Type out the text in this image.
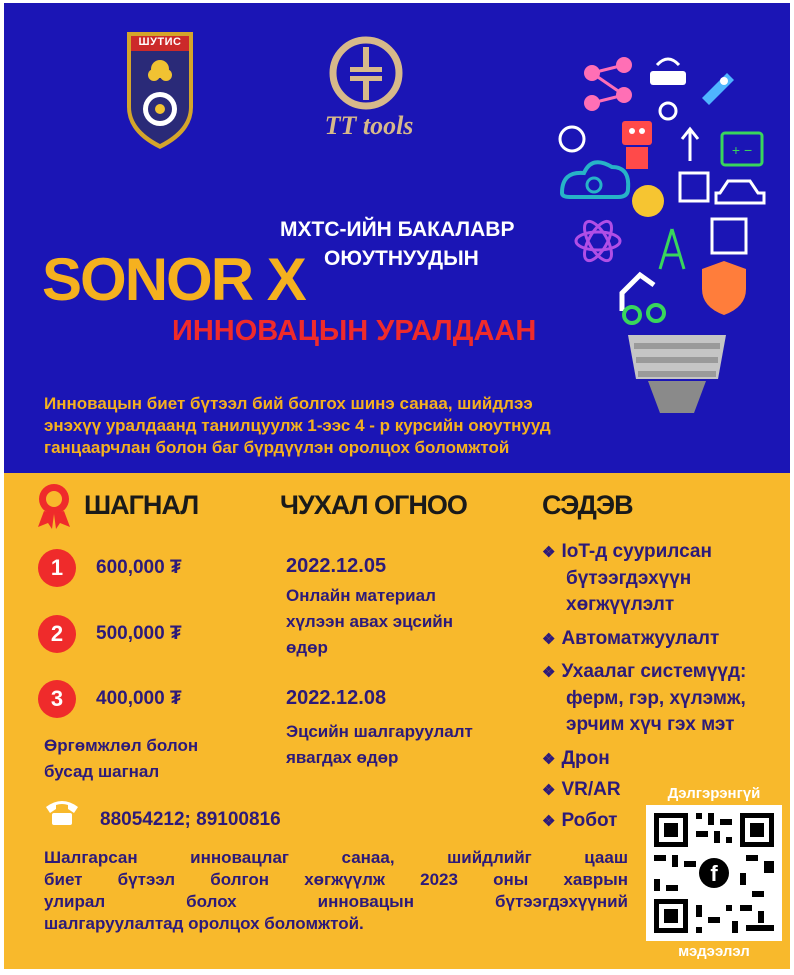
ШУТИС
TT tools
МХТС-ИЙН БАКАЛАВР
ОЮУТНУУДЫН
SONOR X
ИННОВАЦЫН УРАЛДААН
Инновацын биет бүтээл бий болгох шинэ санаа, шийдлээ
энэхүү уралдаанд танилцуулж 1-ээс 4 - р курсийн оюутнууд
ганцаарчлан болон баг бүрдүүлэн оролцох боломжтой
+ −
ШАГНАЛ
1	600,000 ₮
2	500,000 ₮
3	400,000 ₮
Өргөмжлөл болон
бусад шагнал
ЧУХАЛ ОГНОО
2022.12.05
Онлайн материал
хүлээн авах эцсийн
өдөр
2022.12.08
Эцсийн шалгаруулалт
явагдах өдөр
СЭДЭВ
❖ IoT-д суурилсан
бүтээгдэхүүн
хөгжүүлэлт
❖ Автоматжуулалт
❖ Ухаалаг системүүд:
ферм, гэр, хүлэмж,
эрчим хүч гэх мэт
❖ Дрон
❖ VR/AR
❖ Робот
88054212; 89100816
Шалгарсан инновацлаг санаа, шийдлийг цааш
биет бүтээл болгон хөгжүүлж 2023 оны хаврын
улирал болох инновацын бүтээгдэхүүний
шалгаруулалтад оролцох боломжтой.
Дэлгэрэнгүй
f
мэдээлэл
